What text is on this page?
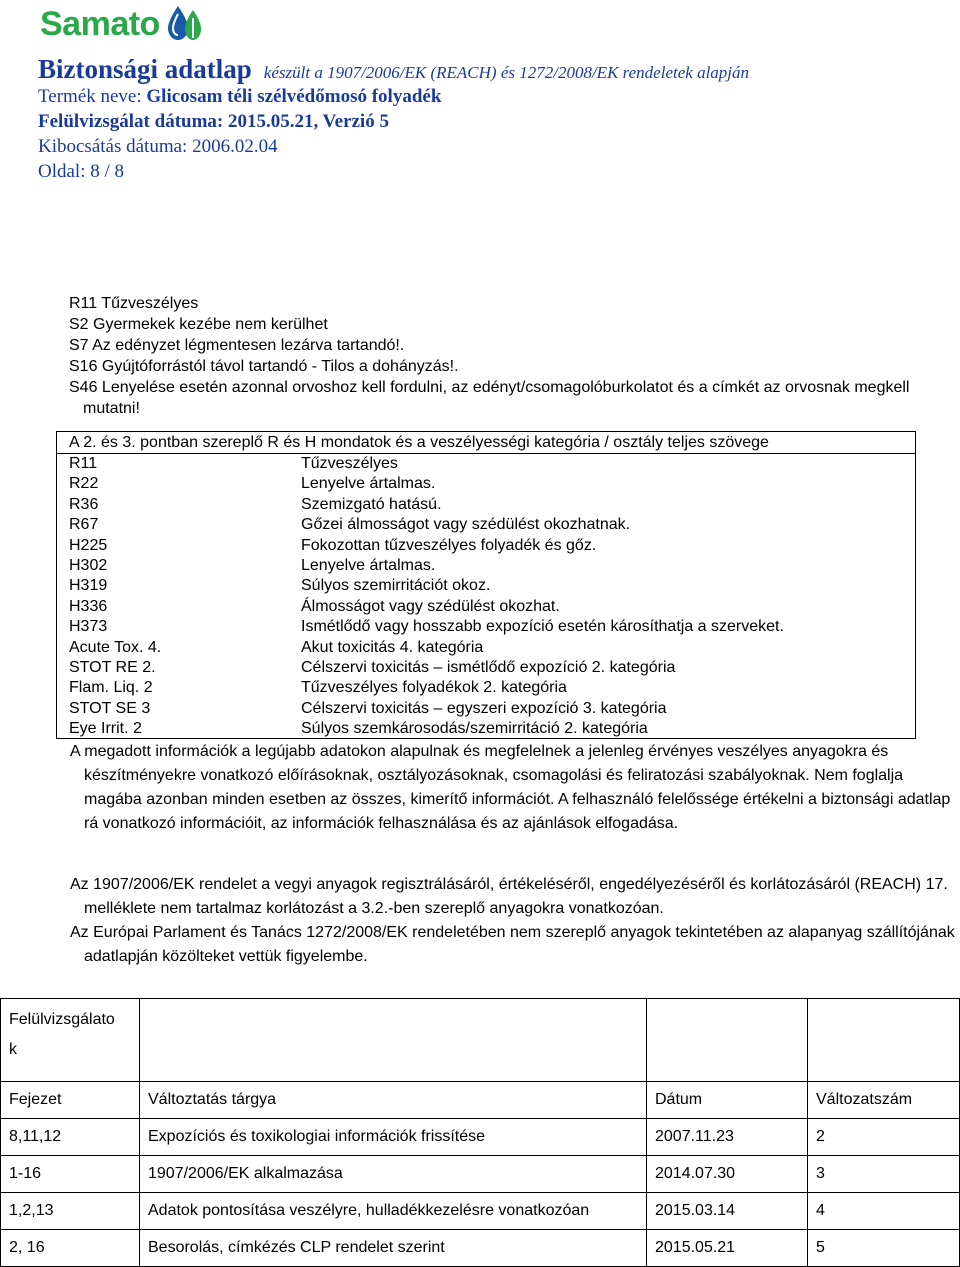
Samato
Biztonsági adatlap készült a 1907/2006/EK (REACH) és 1272/2008/EK rendeletek alapján
Termék neve: Glicosam téli szélvédőmosó folyadék
Felülvizsgálat dátuma: 2015.05.21, Verzió 5
Kibocsátás dátuma: 2006.02.04
Oldal: 8 / 8
R11 Tűzveszélyes
S2 Gyermekek kezébe nem kerülhet
S7 Az edényzet légmentesen lezárva tartandó!.
S16 Gyújtóforrástól távol tartandó - Tilos a dohányzás!.
S46 Lenyelése esetén azonnal orvoshoz kell fordulni, az edényt/csomagolóburkolatot és a címkét az orvosnak megkell mutatni!
A 2. és 3. pontban szereplő R és H mondatok és a veszélyességi kategória / osztály teljes szövege
R11	Tűzveszélyes
R22	Lenyelve ártalmas.
R36	Szemizgató hatású.
R67	Gőzei álmosságot vagy szédülést okozhatnak.
H225	Fokozottan tűzveszélyes folyadék és gőz.
H302	Lenyelve ártalmas.
H319	Súlyos szemirritációt okoz.
H336	Álmosságot vagy szédülést okozhat.
H373	Ismétlődő vagy hosszabb expozíció esetén károsíthatja a szerveket.
Acute Tox. 4.	Akut toxicitás 4. kategória
STOT RE 2.	Célszervi toxicitás – ismétlődő expozíció 2. kategória
Flam. Liq. 2	Tűzveszélyes folyadékok 2. kategória
STOT SE 3	Célszervi toxicitás – egyszeri expozíció 3. kategória
Eye Irrit. 2	Súlyos szemkárosodás/szemirritáció 2. kategória
A megadott információk a legújabb adatokon alapulnak és megfelelnek a jelenleg érvényes veszélyes anyagokra és készítményekre vonatkozó előírásoknak, osztályozásoknak, csomagolási és feliratozási szabályoknak. Nem foglalja magába azonban minden esetben az összes, kimerítő információt. A felhasználó felelőssége értékelni a biztonsági adatlap rá vonatkozó információit, az információk felhasználása és az ajánlások elfogadása.
Az 1907/2006/EK rendelet a vegyi anyagok regisztrálásáról, értékeléséről, engedélyezéséről és korlátozásáról (REACH) 17. melléklete nem tartalmaz korlátozást a 3.2.-ben szereplő anyagokra vonatkozóan.
Az Európai Parlament és Tanács 1272/2008/EK rendeletében nem szereplő anyagok tekintetében az alapanyag szállítójának adatlapján közölteket vettük figyelembe.
Felülvizsgálato
k			

Fejezet	Változtatás tárgya	Dátum	Változatszám
8,11,12	Expozíciós és toxikologiai információk frissítése	2007.11.23	2
1-16	1907/2006/EK alkalmazása	2014.07.30	3
1,2,13	Adatok pontosítása veszélyre, hulladékkezelésre vonatkozóan	2015.03.14	4
2, 16	Besorolás, címkézés CLP rendelet szerint	2015.05.21	5
